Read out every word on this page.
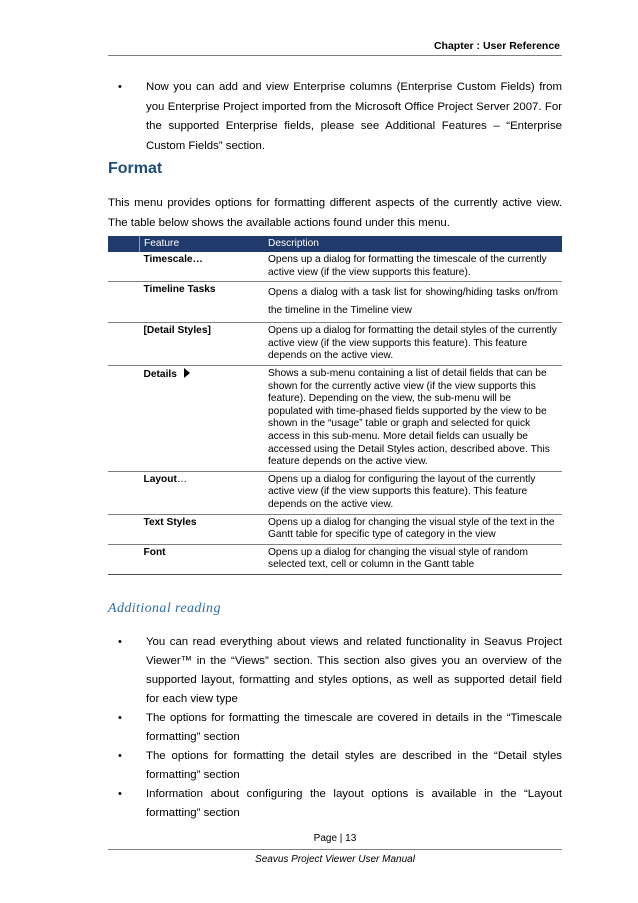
Chapter : User Reference
• Now you can add and view Enterprise columns (Enterprise Custom Fields) from you Enterprise Project imported from the Microsoft Office Project Server 2007. For the supported Enterprise fields, please see Additional Features – “Enterprise Custom Fields” section.
Format
This menu provides options for formatting different aspects of the currently active view. The table below shows the available actions found under this menu.
	Feature	Description
	Timescale…	Opens up a dialog for formatting the timescale of the currently active view (if the view supports this feature).
	Timeline Tasks	Opens a dialog with a task list for showing/hiding tasks on/from the timeline in the Timeline view
	[Detail Styles]	Opens up a dialog for formatting the detail styles of the currently active view (if the view supports this feature). This feature depends on the active view.
	Details	Shows a sub-menu containing a list of detail fields that can be shown for the currently active view (if the view supports this feature). Depending on the view, the sub-menu will be populated with time-phased fields supported by the view to be shown in the “usage” table or graph and selected for quick access in this sub-menu. More detail fields can usually be accessed using the Detail Styles action, described above. This feature depends on the active view.
	Layout…	Opens up a dialog for configuring the layout of the currently active view (if the view supports this feature). This feature depends on the active view.
	Text Styles	Opens up a dialog for changing the visual style of the text in the Gantt table for specific type of category in the view
	Font	Opens up a dialog for changing the visual style of random selected text, cell or column in the Gantt table
Additional reading
• You can read everything about views and related functionality in Seavus Project Viewer™ in the “Views” section. This section also gives you an overview of the supported layout, formatting and styles options, as well as supported detail field for each view type
• The options for formatting the timescale are covered in details in the “Timescale formatting” section
• The options for formatting the detail styles are described in the “Detail styles formatting” section
• Information about configuring the layout options is available in the “Layout formatting” section
Page | 13
Seavus Project Viewer User Manual
